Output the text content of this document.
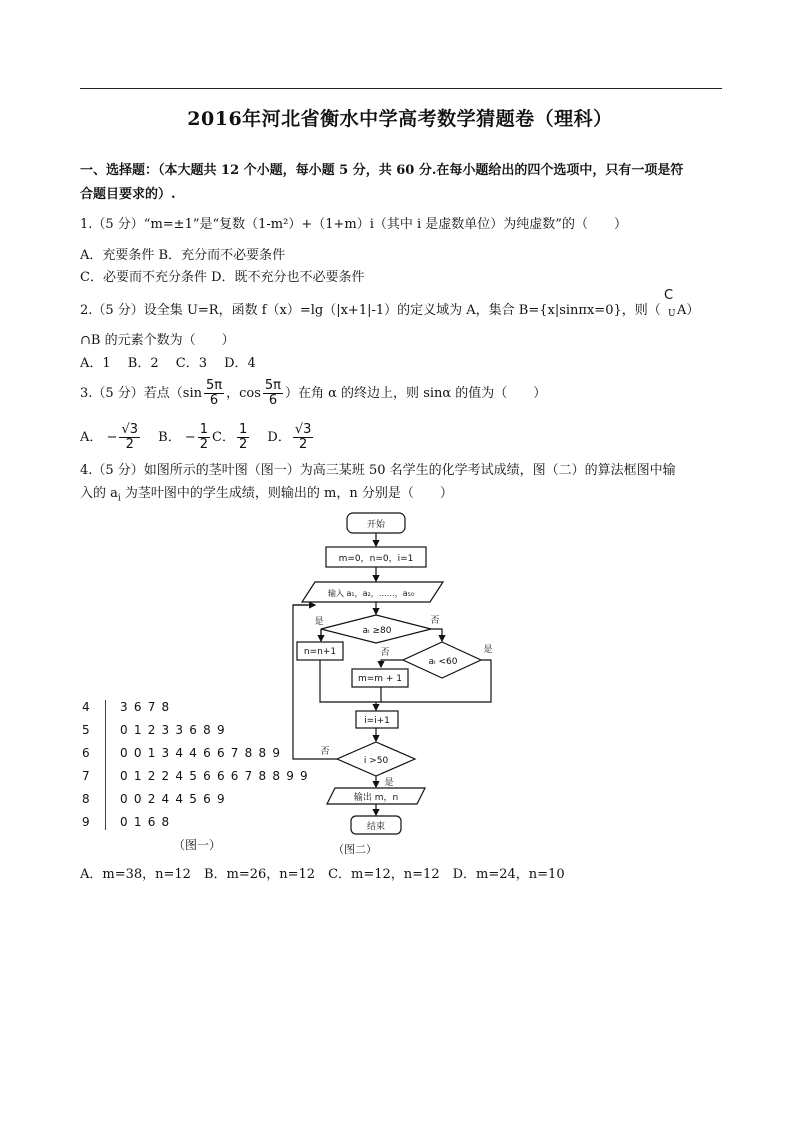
2016年河北省衡水中学高考数学猜题卷（理科）
一、选择题：（本大题共 12 个小题，每小题 5 分，共 60 分.在每小题给出的四个选项中，只有一项是符
合题目要求的）.
1.（5 分）“m=±1”是“复数（1-m²）+（1+m）i（其中 i 是虚数单位）为纯虚数”的（　　）
A．充要条件 B．充分而不必要条件
C．必要而不充分条件 D．既不充分也不必要条件
2.（5 分）设全集 U=R，函数 f（x）=lg（|x+1|-1）的定义域为 A，集合 B={x|sinπx=0}，则（
C
U A）
∩B 的元素个数为（　　）
A．1　 B．2　 C．3　 D．4
3.（5 分）若点（$\sin \frac{5\pi}{6}$ ，$\cos \frac{5\pi}{6}$ ）在角 α 的终边上，则 sinα 的值为（　　）
A． − $\frac{√3}{2}$ B． − $\frac{1}{2}$ C． $\frac{1}{2}$ D． $\frac{√3}{2}$
4.（5 分）如图所示的茎叶图（图一）为高三某班 50 名学生的化学考试成绩，图（二）的算法框图中输
入的 $a_i$ 为茎叶图中的学生成绩，则输出的 m，n 分别是（　　）
4	3 6 7 8
5	0 1 2 3 3 6 8 9
6	0 0 1 3 4 4 6 6 7 8 8 9
7	0 1 2 2 4 5 6 6 6 7 8 8 9 9
8	0 0 2 4 4 5 6 9
9	0 1 6 8
（图一）
开始
m=0，n=0，i=1
输入 a₁，a₂，……，a₅₀
aᵢ ≥80
是	否
n=n+1
aᵢ <60
是
否
m=m + 1
i=i+1
i >50
否
是
输出 m，n
结束
（图二）
A．m=38，n=12　B．m=26，n=12　C．m=12，n=12　D．m=24，n=10
